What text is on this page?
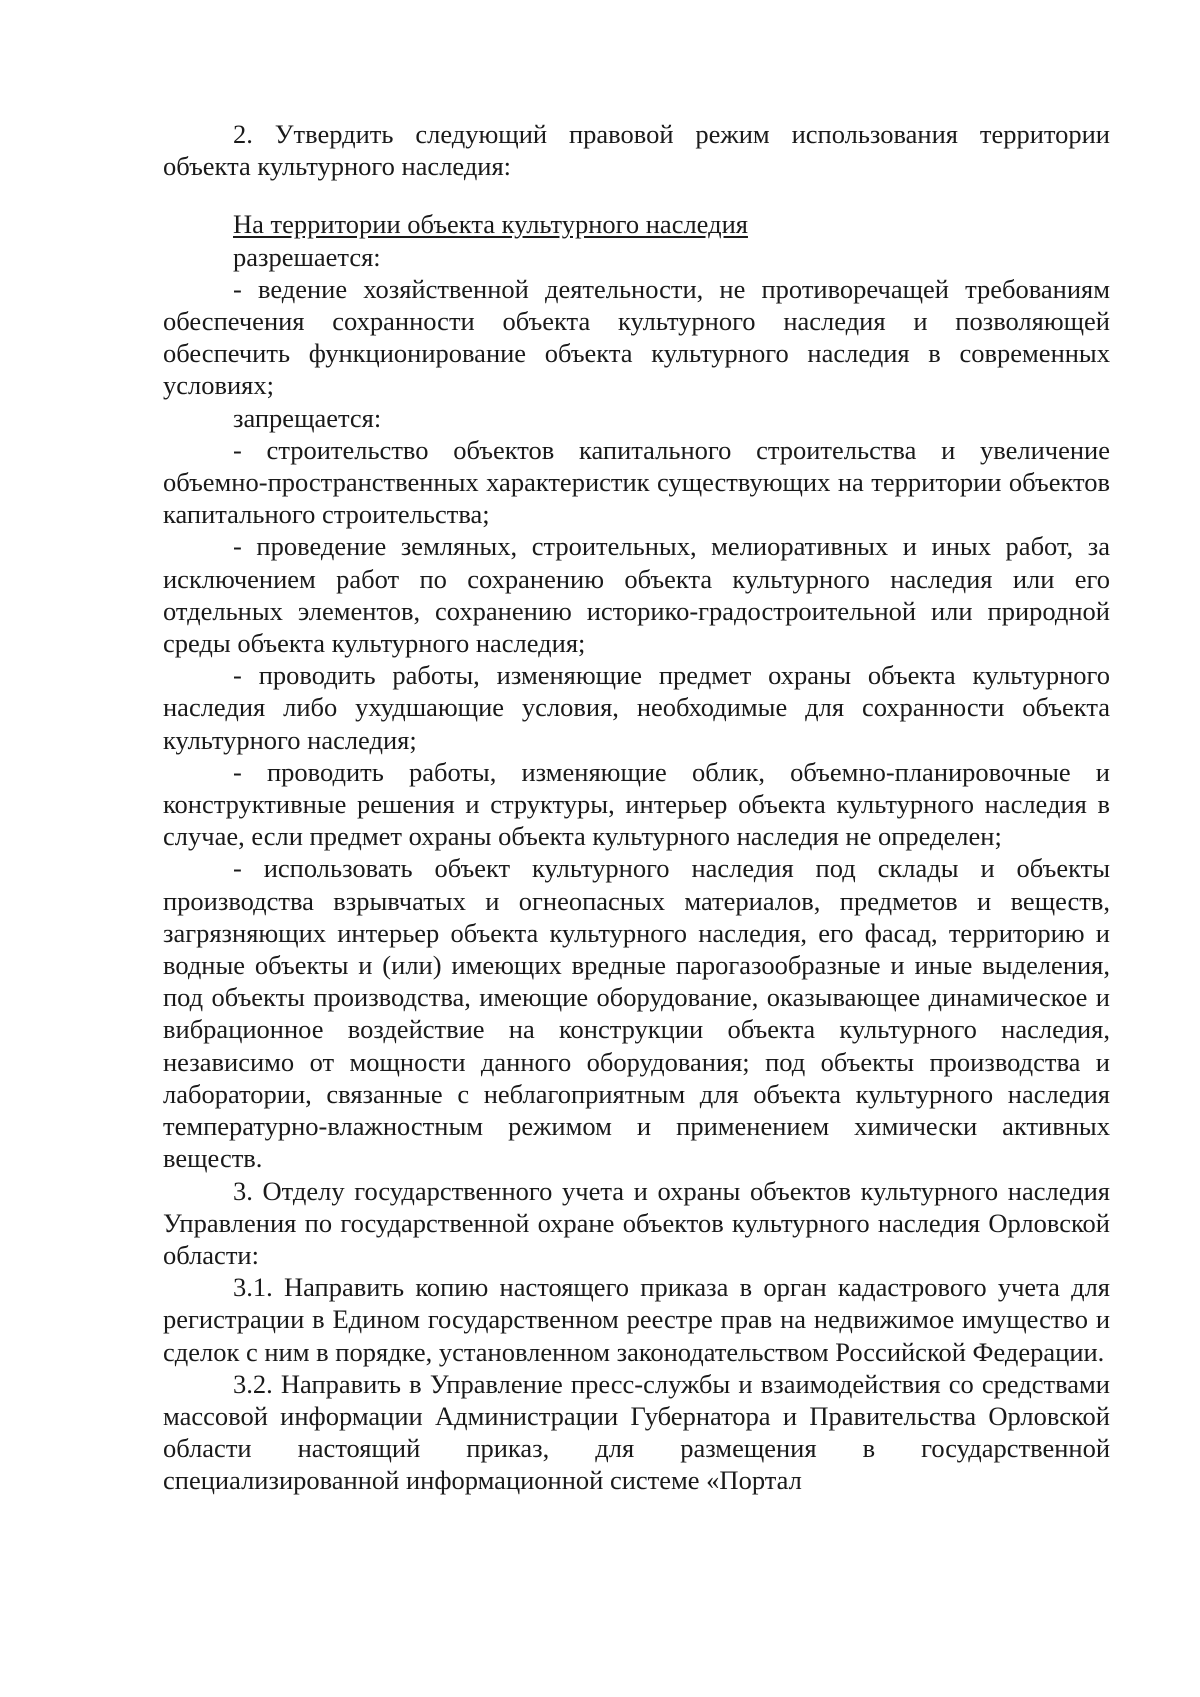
2. Утвердить следующий правовой режим использования территории объекта культурного наследия:

На территории объекта культурного наследия

разрешается:

- ведение хозяйственной деятельности, не противоречащей требованиям обеспечения сохранности объекта культурного наследия и позволяющей обеспечить функционирование объекта культурного наследия в современных условиях;

запрещается:

- строительство объектов капитального строительства и увеличение объемно-пространственных характеристик существующих на территории объектов капитального строительства;

- проведение земляных, строительных, мелиоративных и иных работ, за исключением работ по сохранению объекта культурного наследия или его отдельных элементов, сохранению историко-градостроительной или природной среды объекта культурного наследия;

- проводить работы, изменяющие предмет охраны объекта культурного наследия либо ухудшающие условия, необходимые для сохранности объекта культурного наследия;

- проводить работы, изменяющие облик, объемно-планировочные и конструктивные решения и структуры, интерьер объекта культурного наследия в случае, если предмет охраны объекта культурного наследия не определен;

- использовать объект культурного наследия под склады и объекты производства взрывчатых и огнеопасных материалов, предметов и веществ, загрязняющих интерьер объекта культурного наследия, его фасад, территорию и водные объекты и (или) имеющих вредные парогазообразные и иные выделения, под объекты производства, имеющие оборудование, оказывающее динамическое и вибрационное воздействие на конструкции объекта культурного наследия, независимо от мощности данного оборудования; под объекты производства и лаборатории, связанные с неблагоприятным для объекта культурного наследия температурно-влажностным режимом и применением химически активных веществ.

3. Отделу государственного учета и охраны объектов культурного наследия Управления по государственной охране объектов культурного наследия Орловской области:

3.1. Направить копию настоящего приказа в орган кадастрового учета для регистрации в Едином государственном реестре прав на недвижимое имущество и сделок с ним в порядке, установленном законодательством Российской Федерации.

3.2. Направить в Управление пресс-службы и взаимодействия со средствами массовой информации Администрации Губернатора и Правительства Орловской области настоящий приказ, для размещения в государственной специализированной информационной системе «Портал
